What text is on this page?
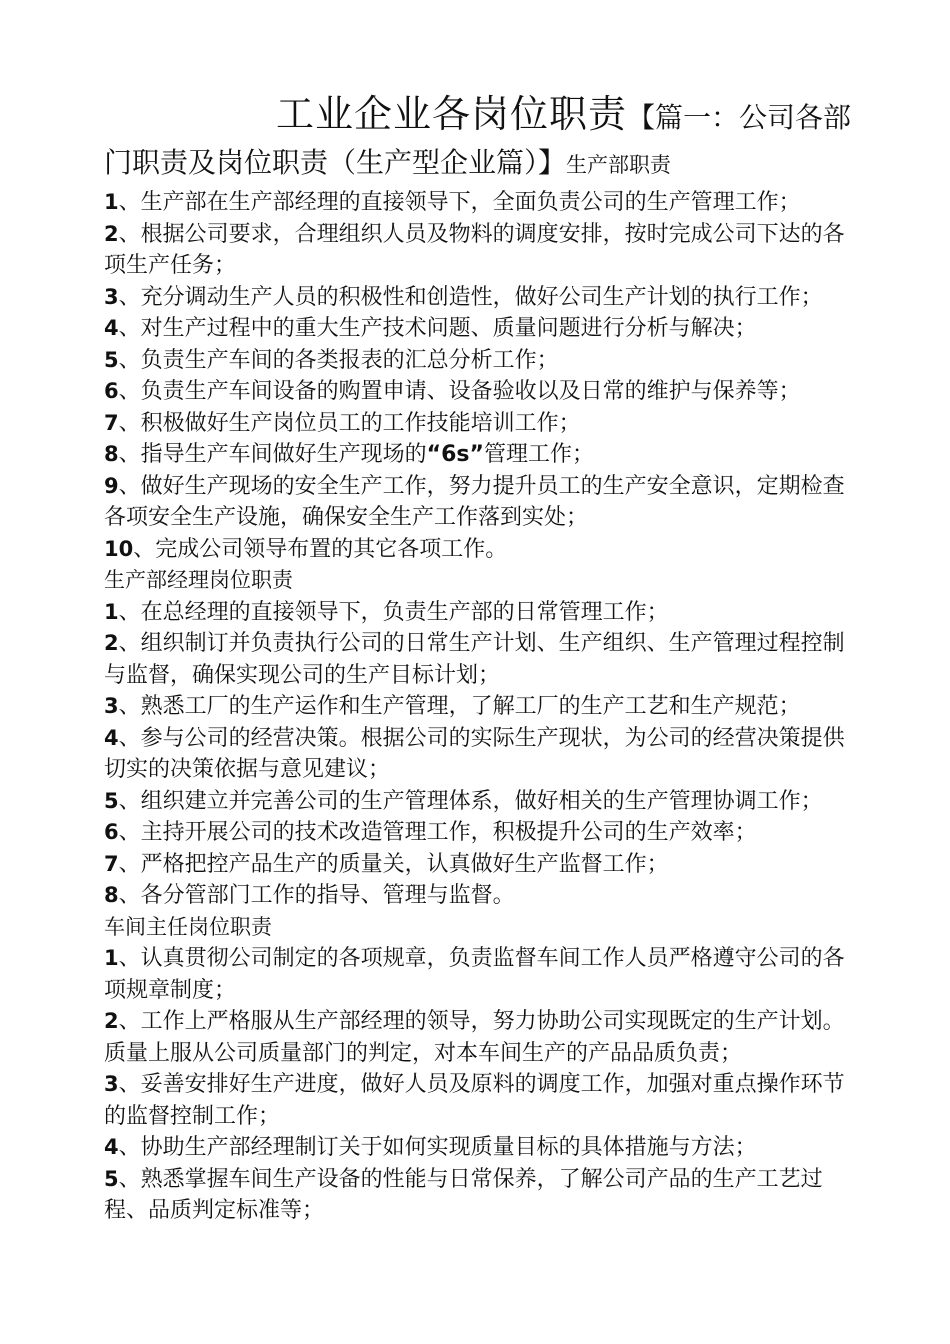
工业企业各岗位职责【篇一：公司各部门职责及岗位职责（生产型企业篇）】生产部职责

1、生产部在生产部经理的直接领导下，全面负责公司的生产管理工作；

2、根据公司要求，合理组织人员及物料的调度安排，按时完成公司下达的各项生产任务；

3、充分调动生产人员的积极性和创造性，做好公司生产计划的执行工作；

4、对生产过程中的重大生产技术问题、质量问题进行分析与解决；

5、负责生产车间的各类报表的汇总分析工作；

6、负责生产车间设备的购置申请、设备验收以及日常的维护与保养等；

7、积极做好生产岗位员工的工作技能培训工作；

8、指导生产车间做好生产现场的“6s”管理工作；

9、做好生产现场的安全生产工作，努力提升员工的生产安全意识，定期检查各项安全生产设施，确保安全生产工作落到实处；

10、完成公司领导布置的其它各项工作。

生产部经理岗位职责

1、在总经理的直接领导下，负责生产部的日常管理工作；

2、组织制订并负责执行公司的日常生产计划、生产组织、生产管理过程控制与监督，确保实现公司的生产目标计划；

3、熟悉工厂的生产运作和生产管理，了解工厂的生产工艺和生产规范；

4、参与公司的经营决策。根据公司的实际生产现状，为公司的经营决策提供切实的决策依据与意见建议；

5、组织建立并完善公司的生产管理体系，做好相关的生产管理协调工作；

6、主持开展公司的技术改造管理工作，积极提升公司的生产效率；

7、严格把控产品生产的质量关，认真做好生产监督工作；

8、各分管部门工作的指导、管理与监督。

车间主任岗位职责

1、认真贯彻公司制定的各项规章，负责监督车间工作人员严格遵守公司的各项规章制度；

2、工作上严格服从生产部经理的领导，努力协助公司实现既定的生产计划。质量上服从公司质量部门的判定，对本车间生产的产品品质负责；

3、妥善安排好生产进度，做好人员及原料的调度工作，加强对重点操作环节的监督控制工作；

4、协助生产部经理制订关于如何实现质量目标的具体措施与方法；

5、熟悉掌握车间生产设备的性能与日常保养，了解公司产品的生产工艺过程、品质判定标准等；
